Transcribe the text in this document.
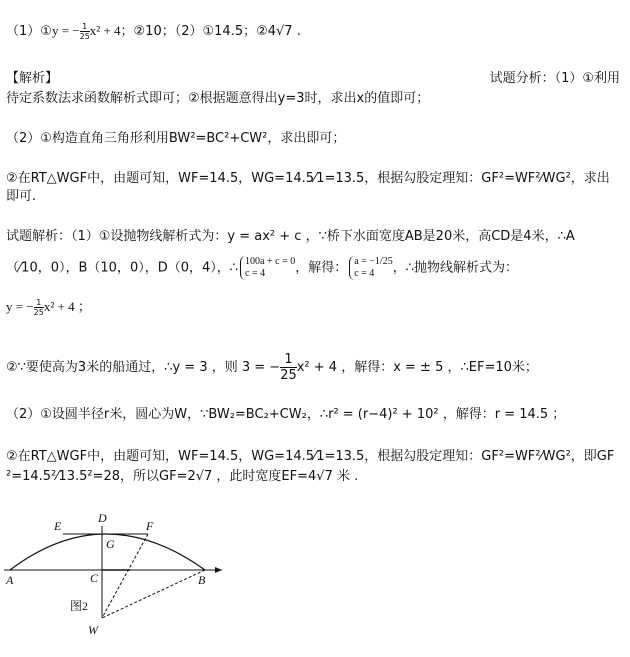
（1）①y = − $\frac{1}{25} x^2 + 4$；②10；（2）①14.5；②4√7 .
【解析】	试题分析：（1）①利用
待定系数法求函数解析式即可；②根据题意得出y=3时，求出x的值即可；
（2）①构造直角三角形利用BW²=BC²+CW²，求出即可；
②在RT△WGF中，由题可知，WF=14.5，WG=14.5⁄1=13.5，根据勾股定理知：GF²=WF²⁄WG²，求出
即可.
试题解析：（1）①设抛物线解析式为：y = ax² + c ，∵桥下水面宽度AB是20米，高CD是4米，∴A
（⁄10，0），B（10，0），D（0，4），∴ 100a + c = 0
c = 4	，解得： a = −1/25
c = 4	，∴抛物线解析式为：
y = − $\frac{1}{25} x^2 + 4$ ；
②∵要使高为3米的船通过，∴y = 3 ，则 3 = − $\frac{1}{25} x^2 + 4$ ，解得：x = ± 5 ，∴EF=10米；
（2）①设圆半径r米，圆心为W，∵BW₂=BC₂+CW₂，∴r² = (r−4)² + 10² ，解得：r = 14.5 ；
②在RT△WGF中，由题可知，WF=14.5，WG=14.5⁄1=13.5，根据勾股定理知：GF²=WF²⁄WG²，即GF
²=14.5²⁄13.5²=28，所以GF=2√7 ，此时宽度EF=4√7 米 .
E
D
F
G
A	C	B
图2
W
